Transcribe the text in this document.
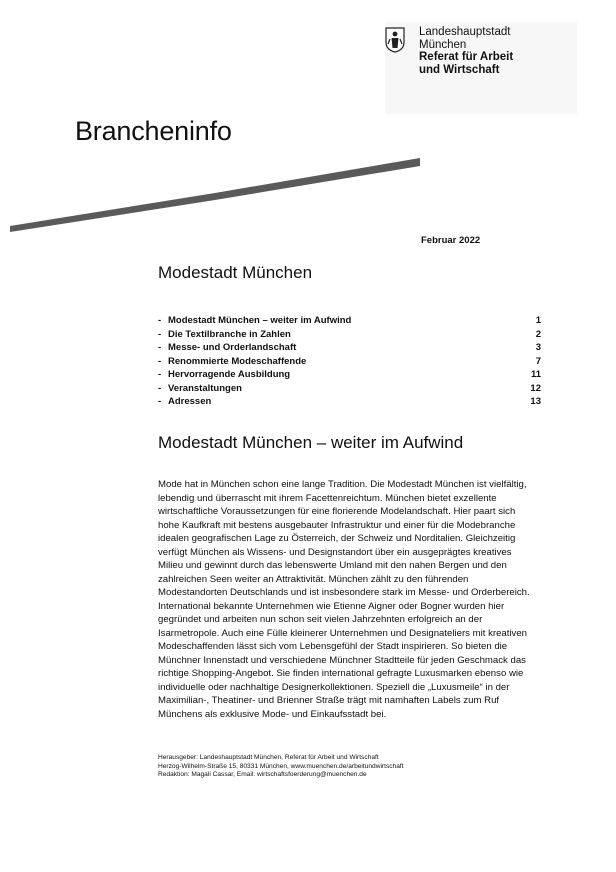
Landeshauptstadt
München
Referat für Arbeit
und Wirtschaft
Brancheninfo
Februar 2022
Modestadt München
- Modestadt München – weiter im Aufwind	1
- Die Textilbranche in Zahlen	2
- Messe- und Orderlandschaft	3
- Renommierte Modeschaffende	7
- Hervorragende Ausbildung	11
- Veranstaltungen	12
- Adressen	13
Modestadt München – weiter im Aufwind

Mode hat in München schon eine lange Tradition. Die Modestadt München ist vielfältig, lebendig und überrascht mit ihrem Facettenreichtum. München bietet exzellente wirtschaftliche Voraussetzungen für eine florierende Modelandschaft. Hier paart sich hohe Kaufkraft mit bestens ausgebauter Infrastruktur und einer für die Modebranche idealen geografischen Lage zu Österreich, der Schweiz und Norditalien. Gleichzeitig verfügt München als Wissens- und Designstandort über ein ausgeprägtes kreatives Milieu und gewinnt durch das lebenswerte Umland mit den nahen Bergen und den zahlreichen Seen weiter an Attraktivität. München zählt zu den führenden Modestandorten Deutschlands und ist insbesondere stark im Messe- und Orderbereich. International bekannte Unternehmen wie Etienne Aigner oder Bogner wurden hier gegründet und arbeiten nun schon seit vielen Jahrzehnten erfolgreich an der Isarmetropole. Auch eine Fülle kleinerer Unternehmen und Designateliers mit kreativen Modeschaffenden lässt sich vom Lebensgefühl der Stadt inspirieren. So bieten die Münchner Innenstadt und verschiedene Münchner Stadtteile für jeden Geschmack das richtige Shopping-Angebot. Sie finden international gefragte Luxusmarken ebenso wie individuelle oder nachhaltige Designerkollektionen. Speziell die „Luxusmeile“ in der Maximilian-, Theatiner- und Brienner Straße trägt mit namhaften Labels zum Ruf Münchens als exklusive Mode- und Einkaufsstadt bei.

Herausgeber: Landeshauptstadt München, Referat für Arbeit und Wirtschaft
Herzog-Wilhelm-Straße 15, 80331 München, www.muenchen.de/arbeitundwirtschaft
Redaktion: Magali Cassar, Email: wirtschaftsfoerderung@muenchen.de
